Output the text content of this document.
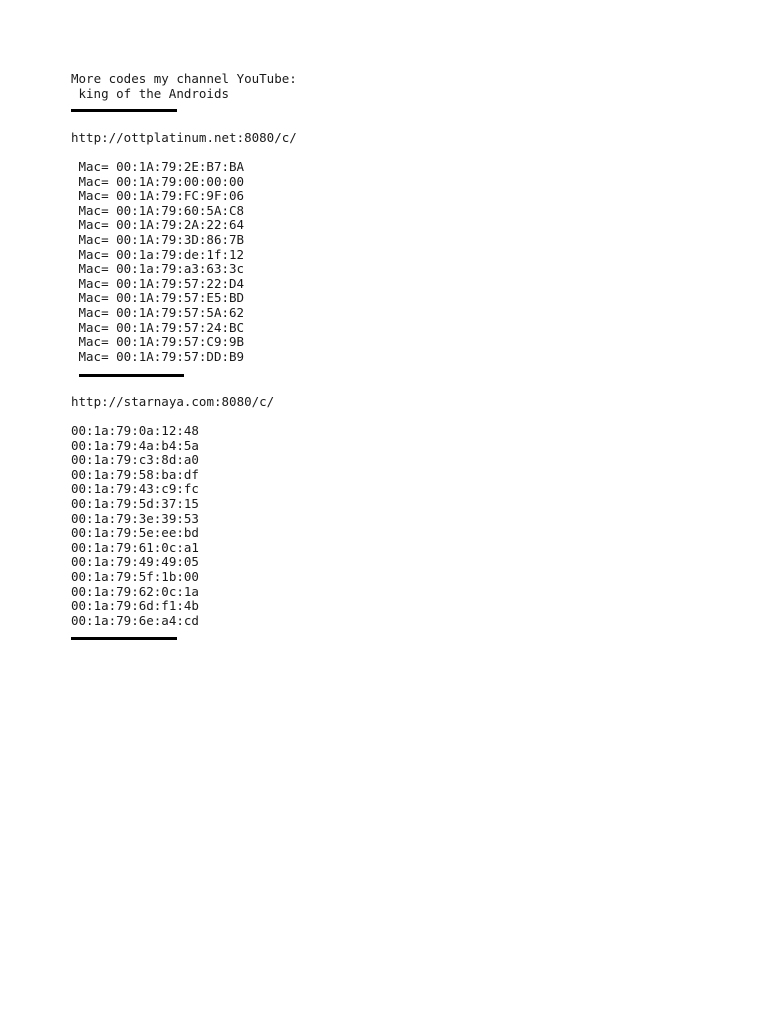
More codes my channel YouTube:
king of the Androids
http://ottplatinum.net:8080/c/
Mac= 00:1A:79:2E:B7:BA
Mac= 00:1A:79:00:00:00
Mac= 00:1A:79:FC:9F:06
Mac= 00:1A:79:60:5A:C8
Mac= 00:1A:79:2A:22:64
Mac= 00:1A:79:3D:86:7B
Mac= 00:1a:79:de:1f:12
Mac= 00:1a:79:a3:63:3c
Mac= 00:1A:79:57:22:D4
Mac= 00:1A:79:57:E5:BD
Mac= 00:1A:79:57:5A:62
Mac= 00:1A:79:57:24:BC
Mac= 00:1A:79:57:C9:9B
Mac= 00:1A:79:57:DD:B9
http://starnaya.com:8080/c/
00:1a:79:0a:12:48
00:1a:79:4a:b4:5a
00:1a:79:c3:8d:a0
00:1a:79:58:ba:df
00:1a:79:43:c9:fc
00:1a:79:5d:37:15
00:1a:79:3e:39:53
00:1a:79:5e:ee:bd
00:1a:79:61:0c:a1
00:1a:79:49:49:05
00:1a:79:5f:1b:00
00:1a:79:62:0c:1a
00:1a:79:6d:f1:4b
00:1a:79:6e:a4:cd
